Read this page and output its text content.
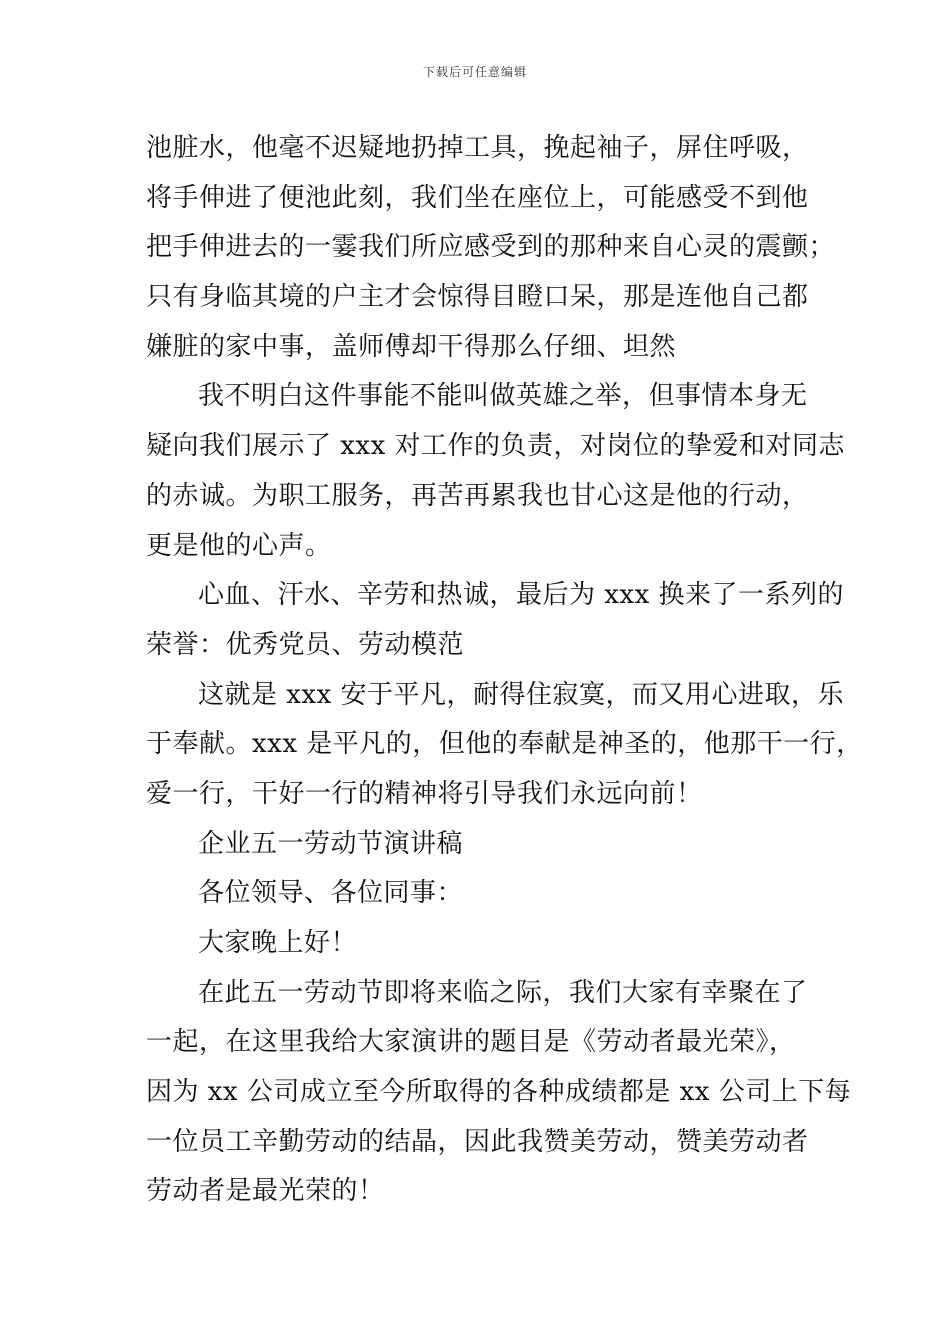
下载后可任意编辑
池脏水，他毫不迟疑地扔掉工具，挽起袖子，屏住呼吸，
将手伸进了便池此刻，我们坐在座位上，可能感受不到他
把手伸进去的一霎我们所应感受到的那种来自心灵的震颤；
只有身临其境的户主才会惊得目瞪口呆，那是连他自己都
嫌脏的家中事，盖师傅却干得那么仔细、坦然
我不明白这件事能不能叫做英雄之举，但事情本身无
疑向我们展示了 xxx 对工作的负责，对岗位的挚爱和对同志
的赤诚。为职工服务，再苦再累我也甘心这是他的行动，
更是他的心声。
心血、汗水、辛劳和热诚，最后为 xxx 换来了一系列的
荣誉：优秀党员、劳动模范
这就是 xxx 安于平凡，耐得住寂寞，而又用心进取，乐
于奉献。xxx 是平凡的，但他的奉献是神圣的，他那干一行，
爱一行，干好一行的精神将引导我们永远向前！
企业五一劳动节演讲稿
各位领导、各位同事：
大家晚上好！
在此五一劳动节即将来临之际，我们大家有幸聚在了
一起，在这里我给大家演讲的题目是《劳动者最光荣》，
因为 xx 公司成立至今所取得的各种成绩都是 xx 公司上下每
一位员工辛勤劳动的结晶，因此我赞美劳动，赞美劳动者
劳动者是最光荣的！
